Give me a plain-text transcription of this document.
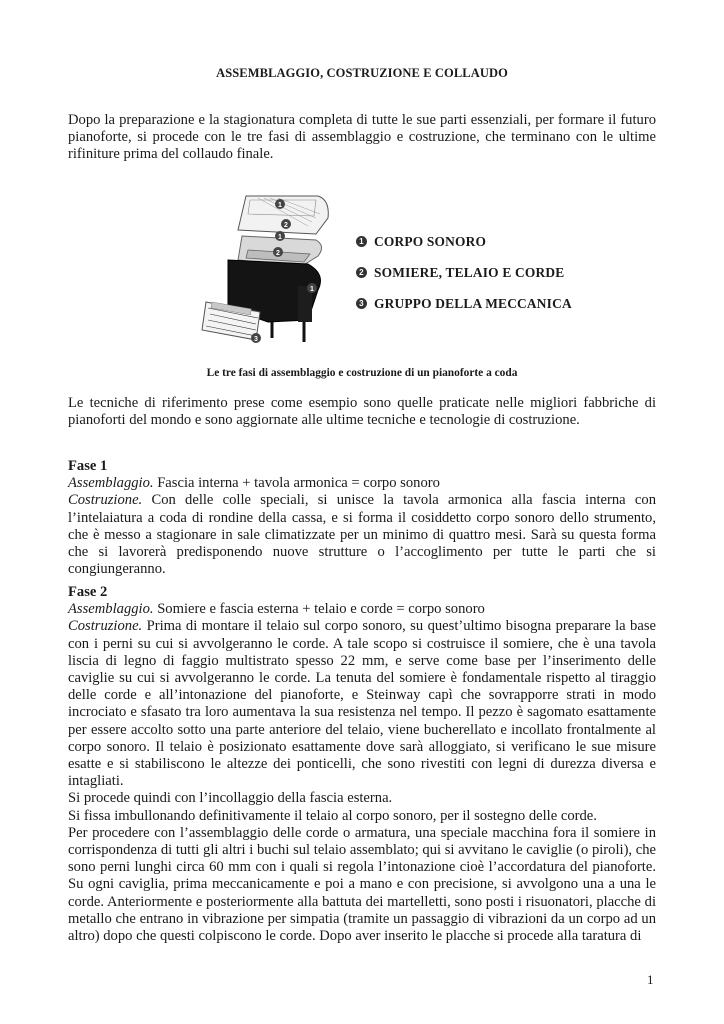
ASSEMBLAGGIO, COSTRUZIONE E COLLAUDO

Dopo la preparazione e la stagionatura completa di tutte le sue parti essenziali, per formare il futuro pianoforte, si procede con le tre fasi di assemblaggio e costruzione, che terminano con le ultime rifiniture prima del collaudo finale.

1
2
1
2
1
3
1 CORPO SONORO
2 SOMIERE, TELAIO E CORDE
3 GRUPPO DELLA MECCANICA
Le tre fasi di assemblaggio e costruzione di un pianoforte a coda

Le tecniche di riferimento prese come esempio sono quelle praticate nelle migliori fabbriche di pianoforti del mondo e sono aggiornate alle ultime tecniche e tecnologie di costruzione.

Fase 1

Assemblaggio. Fascia interna + tavola armonica = corpo sonoro

Costruzione. Con delle colle speciali, si unisce la tavola armonica alla fascia interna con l’intelaiatura a coda di rondine della cassa, e si forma il cosiddetto corpo sonoro dello strumento, che è messo a stagionare in sale climatizzate per un minimo di quattro mesi. Sarà su questa forma che si lavorerà predisponendo nuove strutture o l’accoglimento per tutte le parti che si congiungeranno.

Fase 2

Assemblaggio. Somiere e fascia esterna + telaio e corde = corpo sonoro

Costruzione. Prima di montare il telaio sul corpo sonoro, su quest’ultimo bisogna preparare la base con i perni su cui si avvolgeranno le corde. A tale scopo si costruisce il somiere, che è una tavola liscia di legno di faggio multistrato spesso 22 mm, e serve come base per l’inserimento delle caviglie su cui si avvolgeranno le corde. La tenuta del somiere è fondamentale rispetto al tiraggio delle corde e all’intonazione del pianoforte, e Steinway capì che sovrapporre strati in modo incrociato e sfasato tra loro aumentava la sua resistenza nel tempo. Il pezzo è sagomato esattamente per essere accolto sotto una parte anteriore del telaio, viene bucherellato e incollato frontalmente al corpo sonoro. Il telaio è posizionato esattamente dove sarà alloggiato, si verificano le sue misure esatte e si stabiliscono le altezze dei ponticelli, che sono rivestiti con legni di durezza diversa e intagliati.

Si procede quindi con l’incollaggio della fascia esterna.

Si fissa imbullonando definitivamente il telaio al corpo sonoro, per il sostegno delle corde.

Per procedere con l’assemblaggio delle corde o armatura, una speciale macchina fora il somiere in corrispondenza di tutti gli altri i buchi sul telaio assemblato; qui si avvitano le caviglie (o piroli), che sono perni lunghi circa 60 mm con i quali si regola l’intonazione cioè l’accordatura del pianoforte. Su ogni caviglia, prima meccanicamente e poi a mano e con precisione, si avvolgono una a una le corde. Anteriormente e posteriormente alla battuta dei martelletti, sono posti i risuonatori, placche di metallo che entrano in vibrazione per simpatia (tramite un passaggio di vibrazioni da un corpo ad un altro) dopo che questi colpiscono le corde. Dopo aver inserito le placche si procede alla taratura di

1
